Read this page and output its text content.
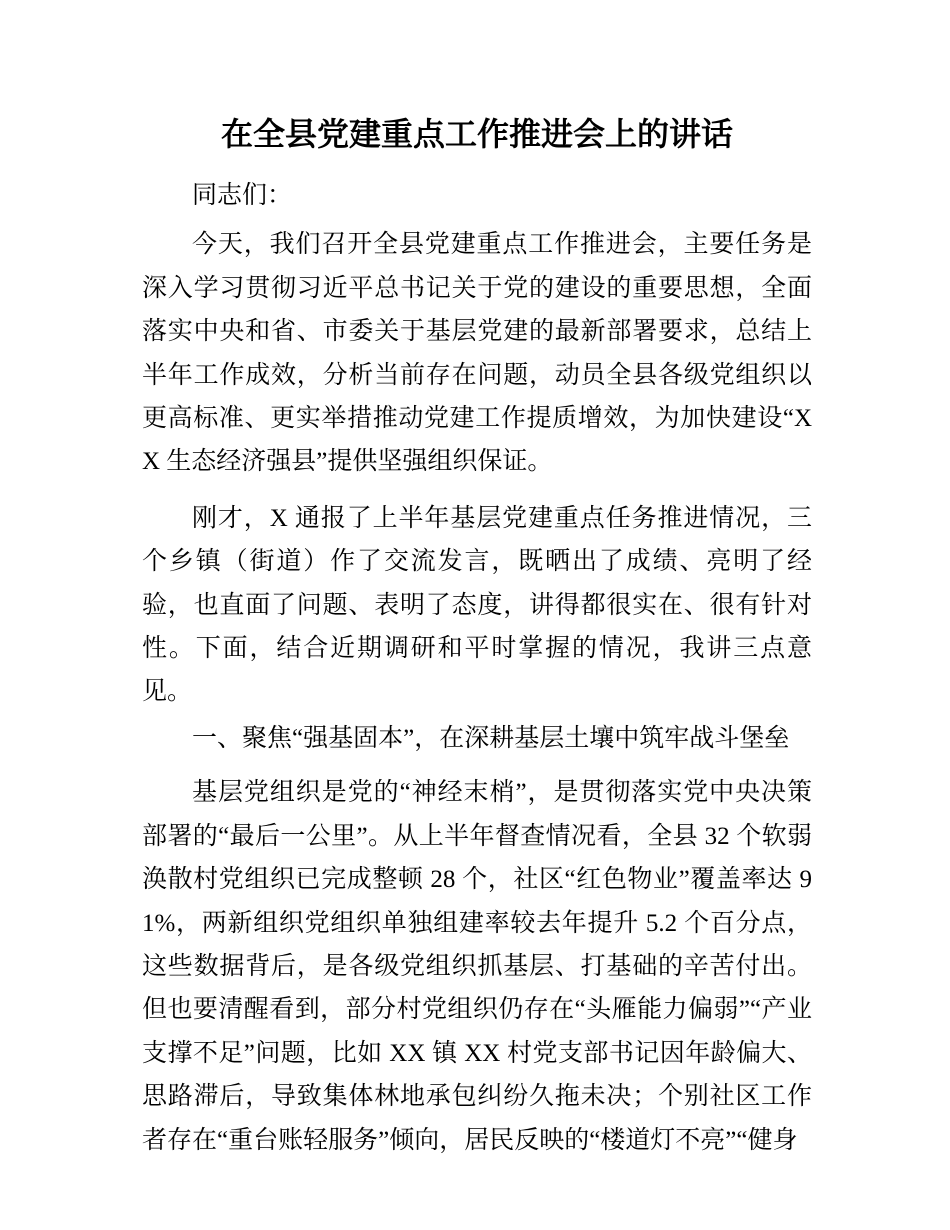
在全县党建重点工作推进会上的讲话

同志们：

今天，我们召开全县党建重点工作推进会，主要任务是深入学习贯彻习近平总书记关于党的建设的重要思想，全面落实中央和省、市委关于基层党建的最新部署要求，总结上半年工作成效，分析当前存在问题，动员全县各级党组织以更高标准、更实举措推动党建工作提质增效，为加快建设“XX 生态经济强县”提供坚强组织保证。

刚才，X 通报了上半年基层党建重点任务推进情况，三个乡镇（街道）作了交流发言，既晒出了成绩、亮明了经验，也直面了问题、表明了态度，讲得都很实在、很有针对性。下面，结合近期调研和平时掌握的情况，我讲三点意见。

一、聚焦“强基固本”，在深耕基层土壤中筑牢战斗堡垒

基层党组织是党的“神经末梢”，是贯彻落实党中央决策部署的“最后一公里”。从上半年督查情况看，全县 32 个软弱涣散村党组织已完成整顿 28 个，社区“红色物业”覆盖率达 91%，两新组织党组织单独组建率较去年提升 5.2 个百分点，这些数据背后，是各级党组织抓基层、打基础的辛苦付出。但也要清醒看到，部分村党组织仍存在“头雁能力偏弱”“产业支撑不足”问题，比如 XX 镇 XX 村党支部书记因年龄偏大、思路滞后，导致集体林地承包纠纷久拖未决；个别社区工作者存在“重台账轻服务”倾向，居民反映的“楼道灯不亮”“健身
